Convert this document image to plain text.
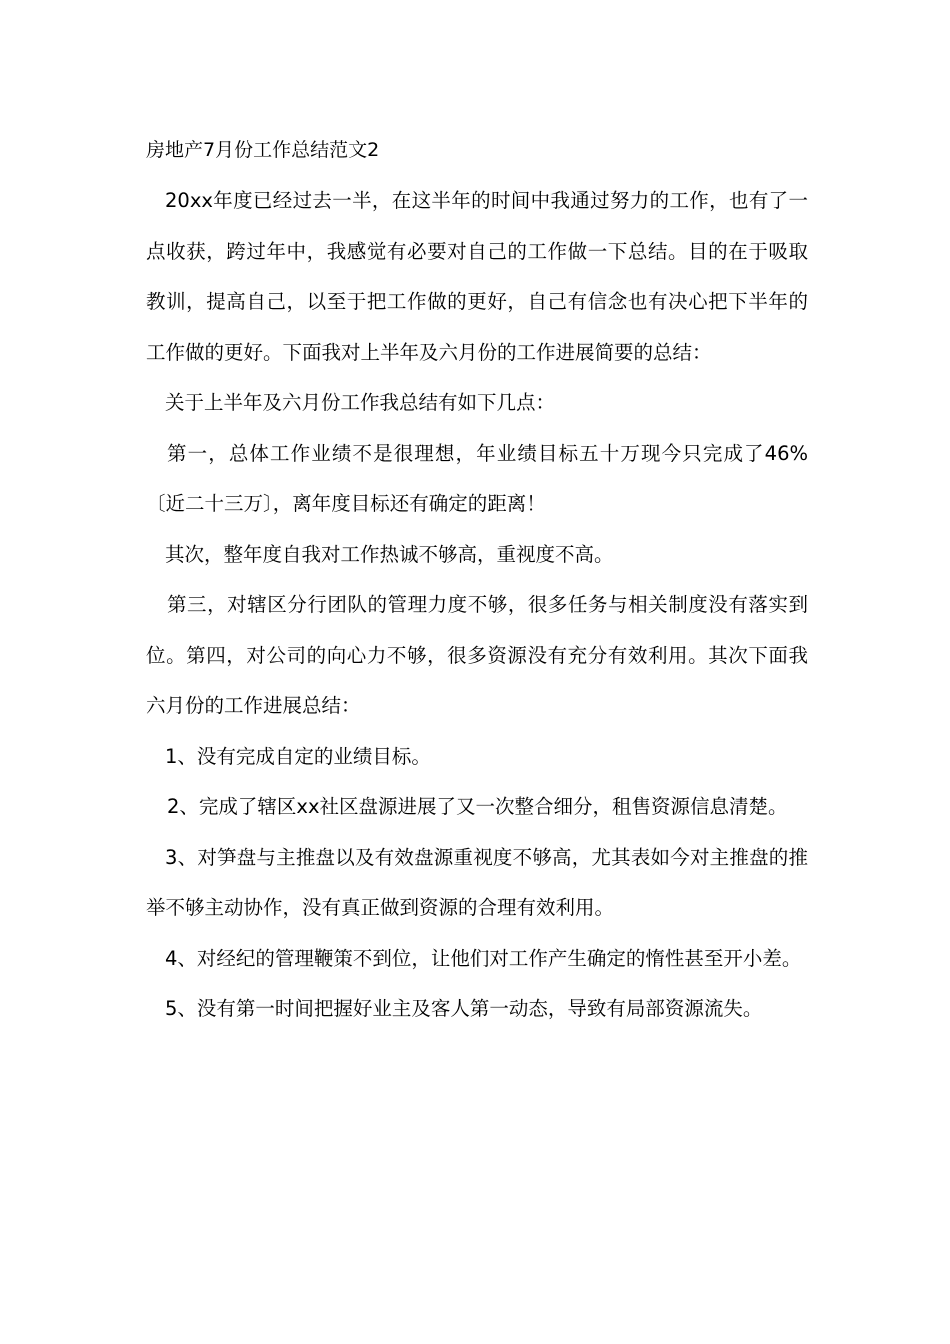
房地产7月份工作总结范文2

20xx年度已经过去一半，在这半年的时间中我通过努力的工作，也有了一点收获，跨过年中，我感觉有必要对自己的工作做一下总结。目的在于吸取教训，提高自己，以至于把工作做的更好，自己有信念也有决心把下半年的工作做的更好。下面我对上半年及六月份的工作进展简要的总结：

关于上半年及六月份工作我总结有如下几点：

第一，总体工作业绩不是很理想，年业绩目标五十万现今只完成了46%〔近二十三万〕，离年度目标还有确定的距离！

其次，整年度自我对工作热诚不够高，重视度不高。

第三，对辖区分行团队的管理力度不够，很多任务与相关制度没有落实到位。第四，对公司的向心力不够，很多资源没有充分有效利用。其次下面我六月份的工作进展总结：

1、没有完成自定的业绩目标。

2、完成了辖区xx社区盘源进展了又一次整合细分，租售资源信息清楚。

3、对笋盘与主推盘以及有效盘源重视度不够高，尤其表如今对主推盘的推举不够主动协作，没有真正做到资源的合理有效利用。

4、对经纪的管理鞭策不到位，让他们对工作产生确定的惰性甚至开小差。

5、没有第一时间把握好业主及客人第一动态，导致有局部资源流失。
